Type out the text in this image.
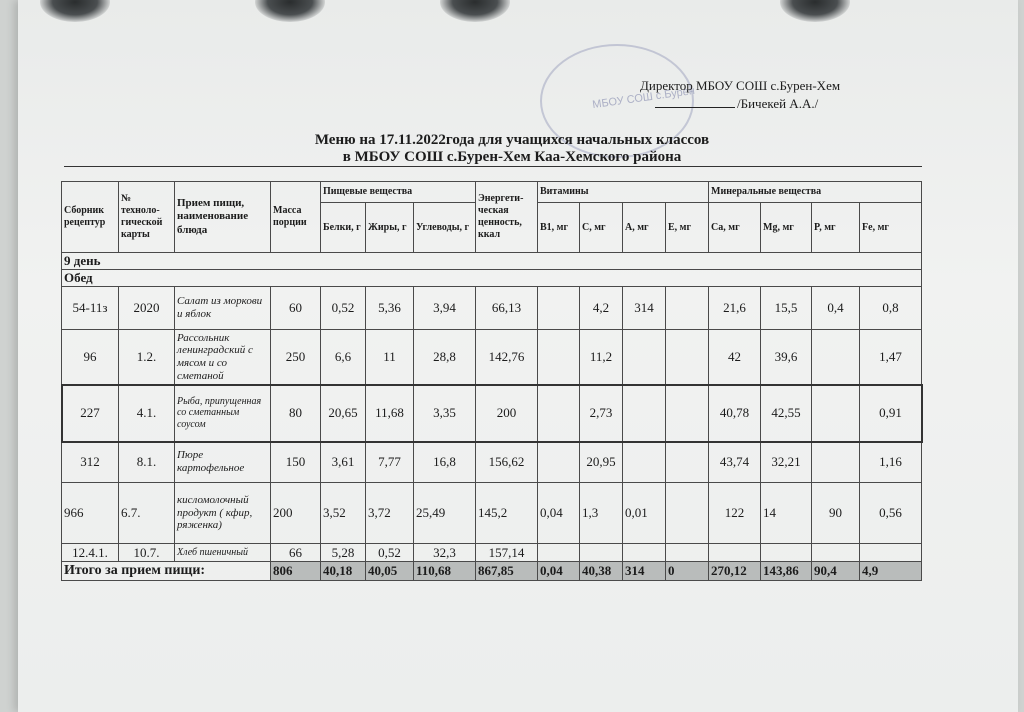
МБОУ СОШ с.Бурен
Директор МБОУ СОШ с.Бурен-Хем
/Бичекей А.А./
Меню на 17.11.2022года для учащихся начальных классов
в МБОУ СОШ с.Бурен-Хем Каа-Хемского района
Сборник рецептур	№ техноло-гической карты	Прием пищи, наименование блюда	Масса порции	Пищевые вещества			Энергети-ческая ценность, ккал	Витамины				Минеральные вещества			
				Белки, г	Жиры, г	Углеводы, г		B1, мг	C, мг	A, мг	E, мг	Ca, мг	Mg, мг	P, мг	Fe, мг
9 день															
Обед															
54-11з	2020	Салат из моркови и яблок	60	0,52	5,36	3,94	66,13		4,2	314		21,6	15,5	0,4	0,8
96	1.2.	Рассольник ленинградский с мясом и со сметаной	250	6,6	11	28,8	142,76		11,2			42	39,6		1,47
227	4.1.	Рыба, припущенная со сметанным соусом	80	20,65	11,68	3,35	200		2,73			40,78	42,55		0,91
312	8.1.	Пюре картофельное	150	3,61	7,77	16,8	156,62		20,95			43,74	32,21		1,16
966	6.7.	кисломолочный продукт ( кфир, ряженка)	200	3,52	3,72	25,49	145,2	0,04	1,3	0,01		122	14	90	0,56
12.4.1.	10.7.	Хлеб пшеничный	66	5,28	0,52	32,3	157,14								
Итого за прием пищи:			806	40,18	40,05	110,68	867,85	0,04	40,38	314	0	270,12	143,86	90,4	4,9
